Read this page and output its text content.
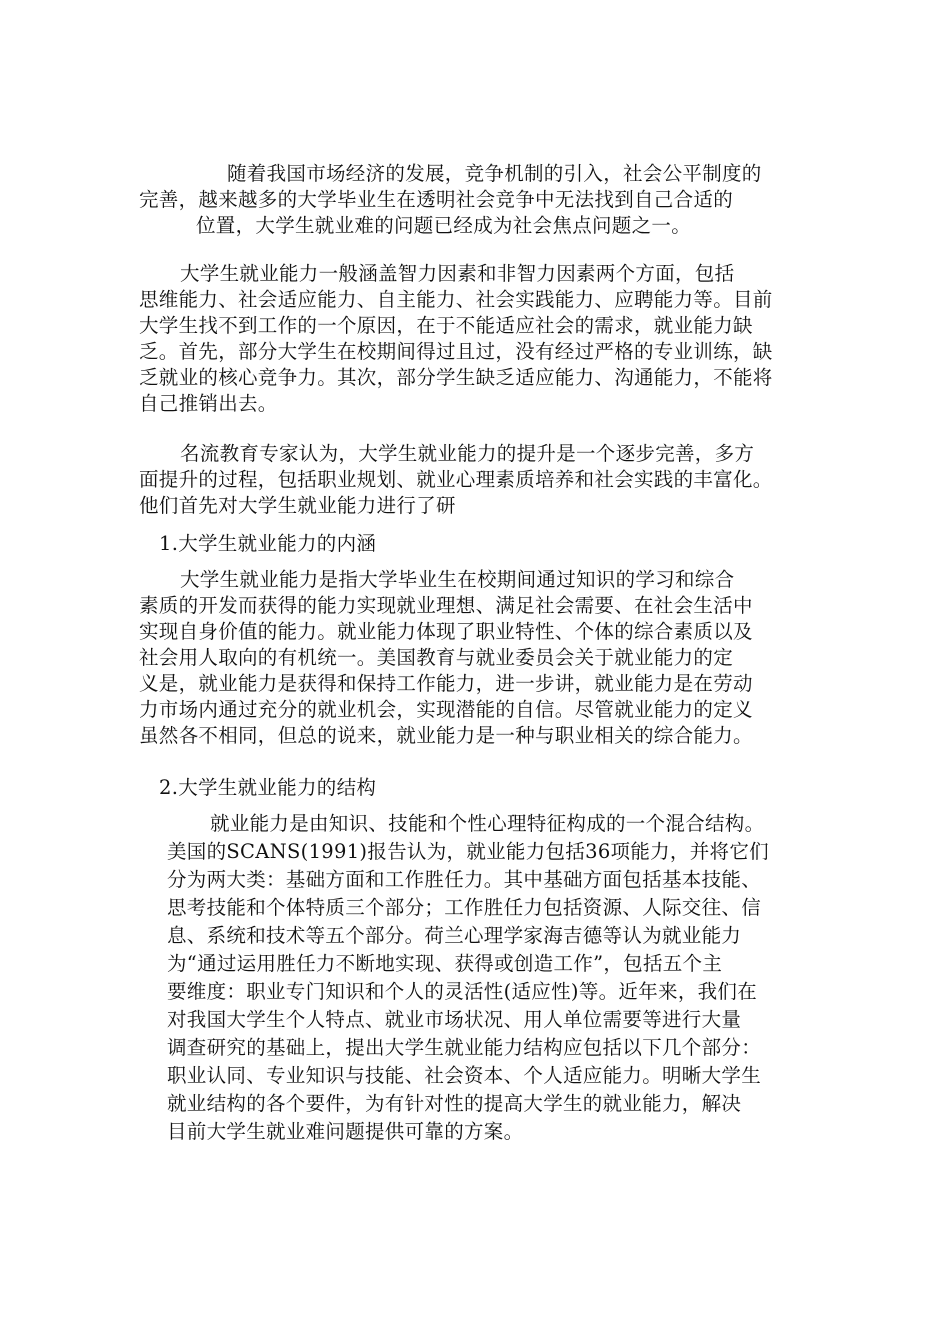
随着我国市场经济的发展，竞争机制的引入，社会公平制度的

完善，越来越多的大学毕业生在透明社会竞争中无法找到自己合适的

位置，大学生就业难的问题已经成为社会焦点问题之一。

大学生就业能力一般涵盖智力因素和非智力因素两个方面，包括

思维能力、社会适应能力、自主能力、社会实践能力、应聘能力等。目前

大学生找不到工作的一个原因，在于不能适应社会的需求，就业能力缺

乏。首先，部分大学生在校期间得过且过，没有经过严格的专业训练，缺

乏就业的核心竞争力。其次，部分学生缺乏适应能力、沟通能力，不能将

自己推销出去。

名流教育专家认为，大学生就业能力的提升是一个逐步完善，多方

面提升的过程，包括职业规划、就业心理素质培养和社会实践的丰富化。

他们首先对大学生就业能力进行了研

1.大学生就业能力的内涵

大学生就业能力是指大学毕业生在校期间通过知识的学习和综合

素质的开发而获得的能力实现就业理想、满足社会需要、在社会生活中

实现自身价值的能力。就业能力体现了职业特性、个体的综合素质以及

社会用人取向的有机统一。美国教育与就业委员会关于就业能力的定

义是，就业能力是获得和保持工作能力，进一步讲，就业能力是在劳动

力市场内通过充分的就业机会，实现潜能的自信。尽管就业能力的定义

虽然各不相同，但总的说来，就业能力是一种与职业相关的综合能力。

2.大学生就业能力的结构

就业能力是由知识、技能和个性心理特征构成的一个混合结构。

美国的SCANS(1991)报告认为，就业能力包括36项能力，并将它们

分为两大类：基础方面和工作胜任力。其中基础方面包括基本技能、

思考技能和个体特质三个部分；工作胜任力包括资源、人际交往、信

息、系统和技术等五个部分。荷兰心理学家海吉德等认为就业能力

为“通过运用胜任力不断地实现、获得或创造工作”，包括五个主

要维度：职业专门知识和个人的灵活性(适应性)等。近年来，我们在

对我国大学生个人特点、就业市场状况、用人单位需要等进行大量

调查研究的基础上，提出大学生就业能力结构应包括以下几个部分：

职业认同、专业知识与技能、社会资本、个人适应能力。明晰大学生

就业结构的各个要件，为有针对性的提高大学生的就业能力，解决

目前大学生就业难问题提供可靠的方案。
